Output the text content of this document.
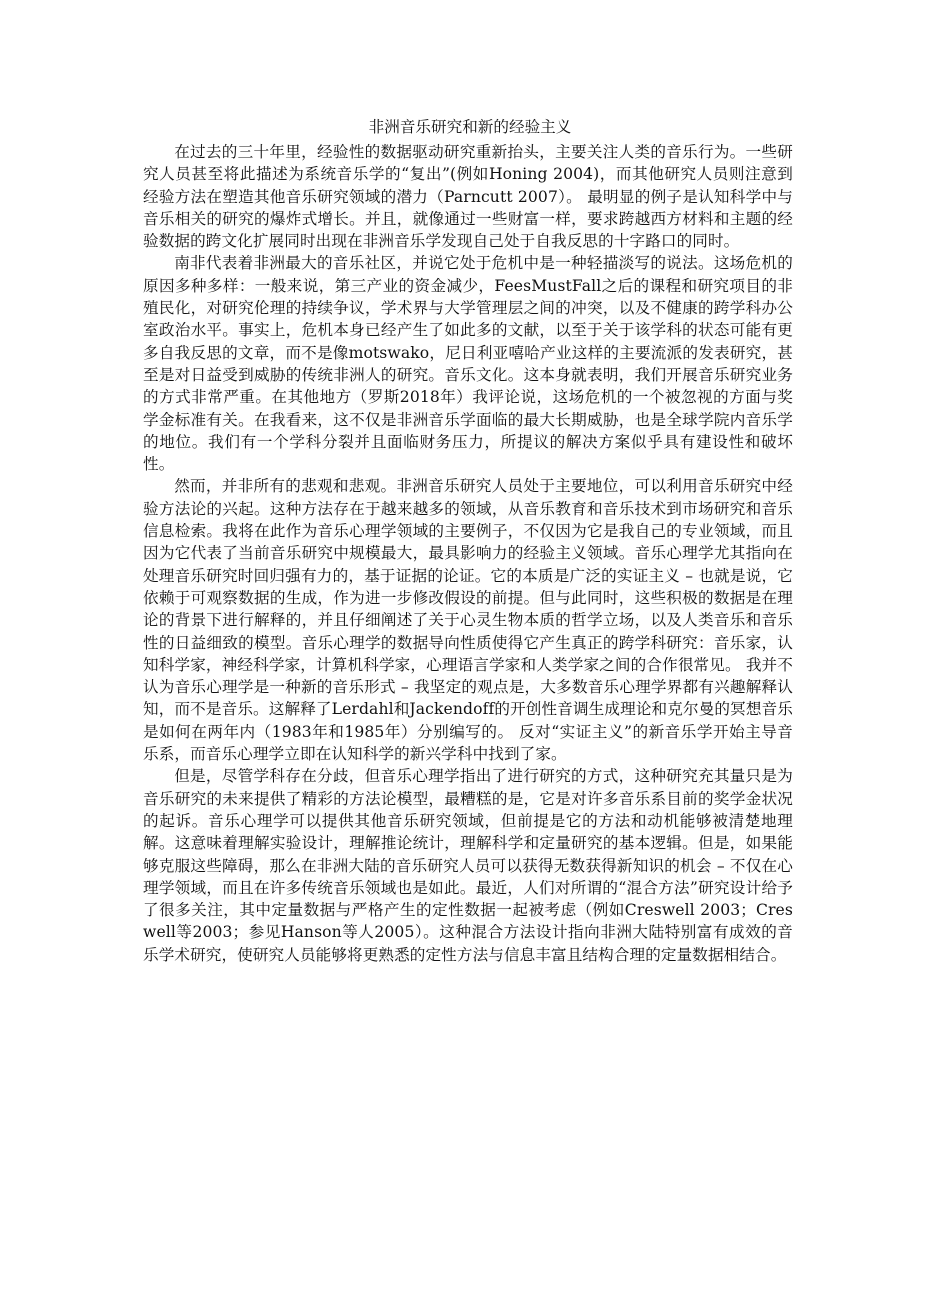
非洲音乐研究和新的经验主义

在过去的三十年里，经验性的数据驱动研究重新抬头，主要关注人类的音乐行为。一些研究人员甚至将此描述为系统音乐学的“复出”(例如Honing 2004)，而其他研究人员则注意到经验方法在塑造其他音乐研究领域的潜力（Parncutt 2007）。 最明显的例子是认知科学中与音乐相关的研究的爆炸式增长。并且，就像通过一些财富一样，要求跨越西方材料和主题的经验数据的跨文化扩展同时出现在非洲音乐学发现自己处于自我反思的十字路口的同时。

南非代表着非洲最大的音乐社区，并说它处于危机中是一种轻描淡写的说法。这场危机的原因多种多样：一般来说，第三产业的资金减少，FeesMustFall之后的课程和研究项目的非殖民化，对研究伦理的持续争议，学术界与大学管理层之间的冲突，以及不健康的跨学科办公室政治水平。事实上，危机本身已经产生了如此多的文献，以至于关于该学科的状态可能有更多自我反思的文章，而不是像motswako，尼日利亚嘻哈产业这样的主要流派的发表研究，甚至是对日益受到威胁的传统非洲人的研究。音乐文化。这本身就表明，我们开展音乐研究业务的方式非常严重。在其他地方（罗斯2018年）我评论说，这场危机的一个被忽视的方面与奖学金标准有关。在我看来，这不仅是非洲音乐学面临的最大长期威胁，也是全球学院内音乐学的地位。我们有一个学科分裂并且面临财务压力，所提议的解决方案似乎具有建设性和破坏性。

然而，并非所有的悲观和悲观。非洲音乐研究人员处于主要地位，可以利用音乐研究中经验方法论的兴起。这种方法存在于越来越多的领域，从音乐教育和音乐技术到市场研究和音乐信息检索。我将在此作为音乐心理学领域的主要例子，不仅因为它是我自己的专业领域，而且因为它代表了当前音乐研究中规模最大，最具影响力的经验主义领域。音乐心理学尤其指向在处理音乐研究时回归强有力的，基于证据的论证。它的本质是广泛的实证主义 – 也就是说，它依赖于可观察数据的生成，作为进一步修改假设的前提。但与此同时，这些积极的数据是在理论的背景下进行解释的，并且仔细阐述了关于心灵生物本质的哲学立场，以及人类音乐和音乐性的日益细致的模型。音乐心理学的数据导向性质使得它产生真正的跨学科研究：音乐家，认知科学家，神经科学家，计算机科学家，心理语言学家和人类学家之间的合作很常见。 我并不认为音乐心理学是一种新的音乐形式 – 我坚定的观点是，大多数音乐心理学界都有兴趣解释认知，而不是音乐。这解释了Lerdahl和Jackendoff的开创性音调生成理论和克尔曼的冥想音乐是如何在两年内（1983年和1985年）分别编写的。 反对“实证主义”的新音乐学开始主导音乐系，而音乐心理学立即在认知科学的新兴学科中找到了家。

但是，尽管学科存在分歧，但音乐心理学指出了进行研究的方式，这种研究充其量只是为音乐研究的未来提供了精彩的方法论模型，最糟糕的是，它是对许多音乐系目前的奖学金状况的起诉。音乐心理学可以提供其他音乐研究领域，但前提是它的方法和动机能够被清楚地理解。这意味着理解实验设计，理解推论统计，理解科学和定量研究的基本逻辑。但是，如果能够克服这些障碍，那么在非洲大陆的音乐研究人员可以获得无数获得新知识的机会 – 不仅在心理学领域，而且在许多传统音乐领域也是如此。最近，人们对所谓的“混合方法”研究设计给予了很多关注，其中定量数据与严格产生的定性数据一起被考虑（例如Creswell 2003；Creswell等2003；参见Hanson等人2005）。这种混合方法设计指向非洲大陆特别富有成效的音乐学术研究，使研究人员能够将更熟悉的定性方法与信息丰富且结构合理的定量数据相结合。
